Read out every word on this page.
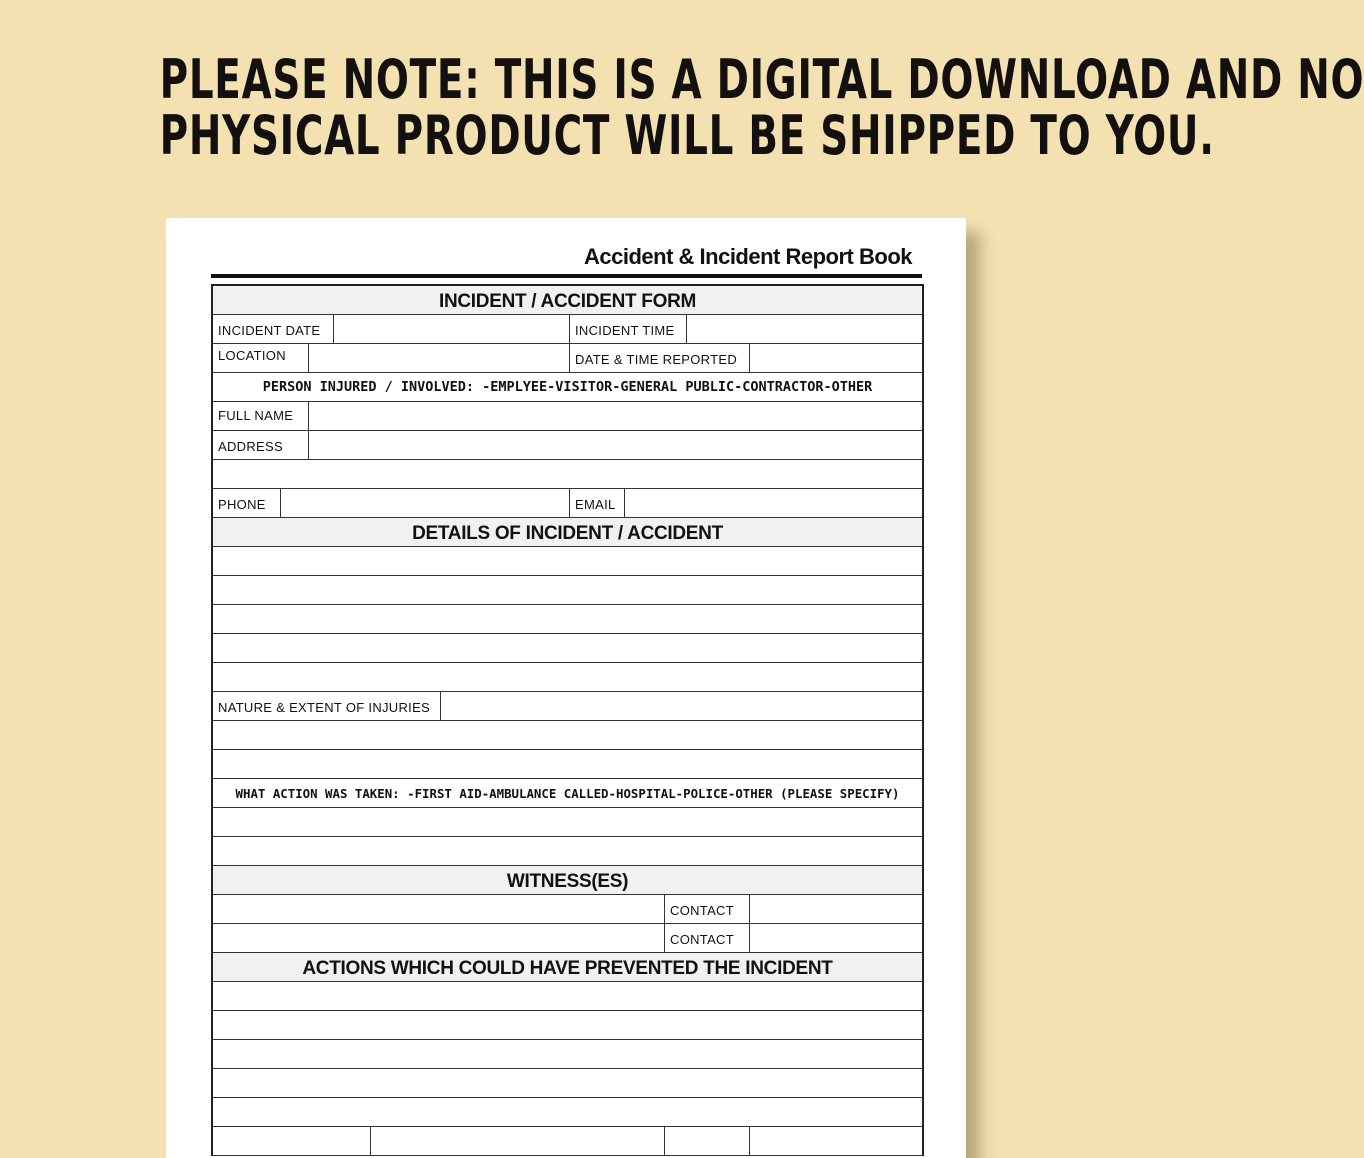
PLEASE NOTE: THIS IS A DIGITAL DOWNLOAD AND NO
PHYSICAL PRODUCT WILL BE SHIPPED TO YOU.
Accident & Incident Report Book
INCIDENT / ACCIDENT FORM
INCIDENT DATE	INCIDENT TIME
LOCATION	DATE & TIME REPORTED
PERSON INJURED / INVOLVED: -EMPLYEE-VISITOR-GENERAL PUBLIC-CONTRACTOR-OTHER
FULL NAME
ADDRESS
PHONE	EMAIL
DETAILS OF INCIDENT / ACCIDENT
NATURE & EXTENT OF INJURIES
WHAT ACTION WAS TAKEN: -FIRST AID-AMBULANCE CALLED-HOSPITAL-POLICE-OTHER (PLEASE SPECIFY)
WITNESS(ES)
CONTACT
CONTACT
ACTIONS WHICH COULD HAVE PREVENTED THE INCIDENT
